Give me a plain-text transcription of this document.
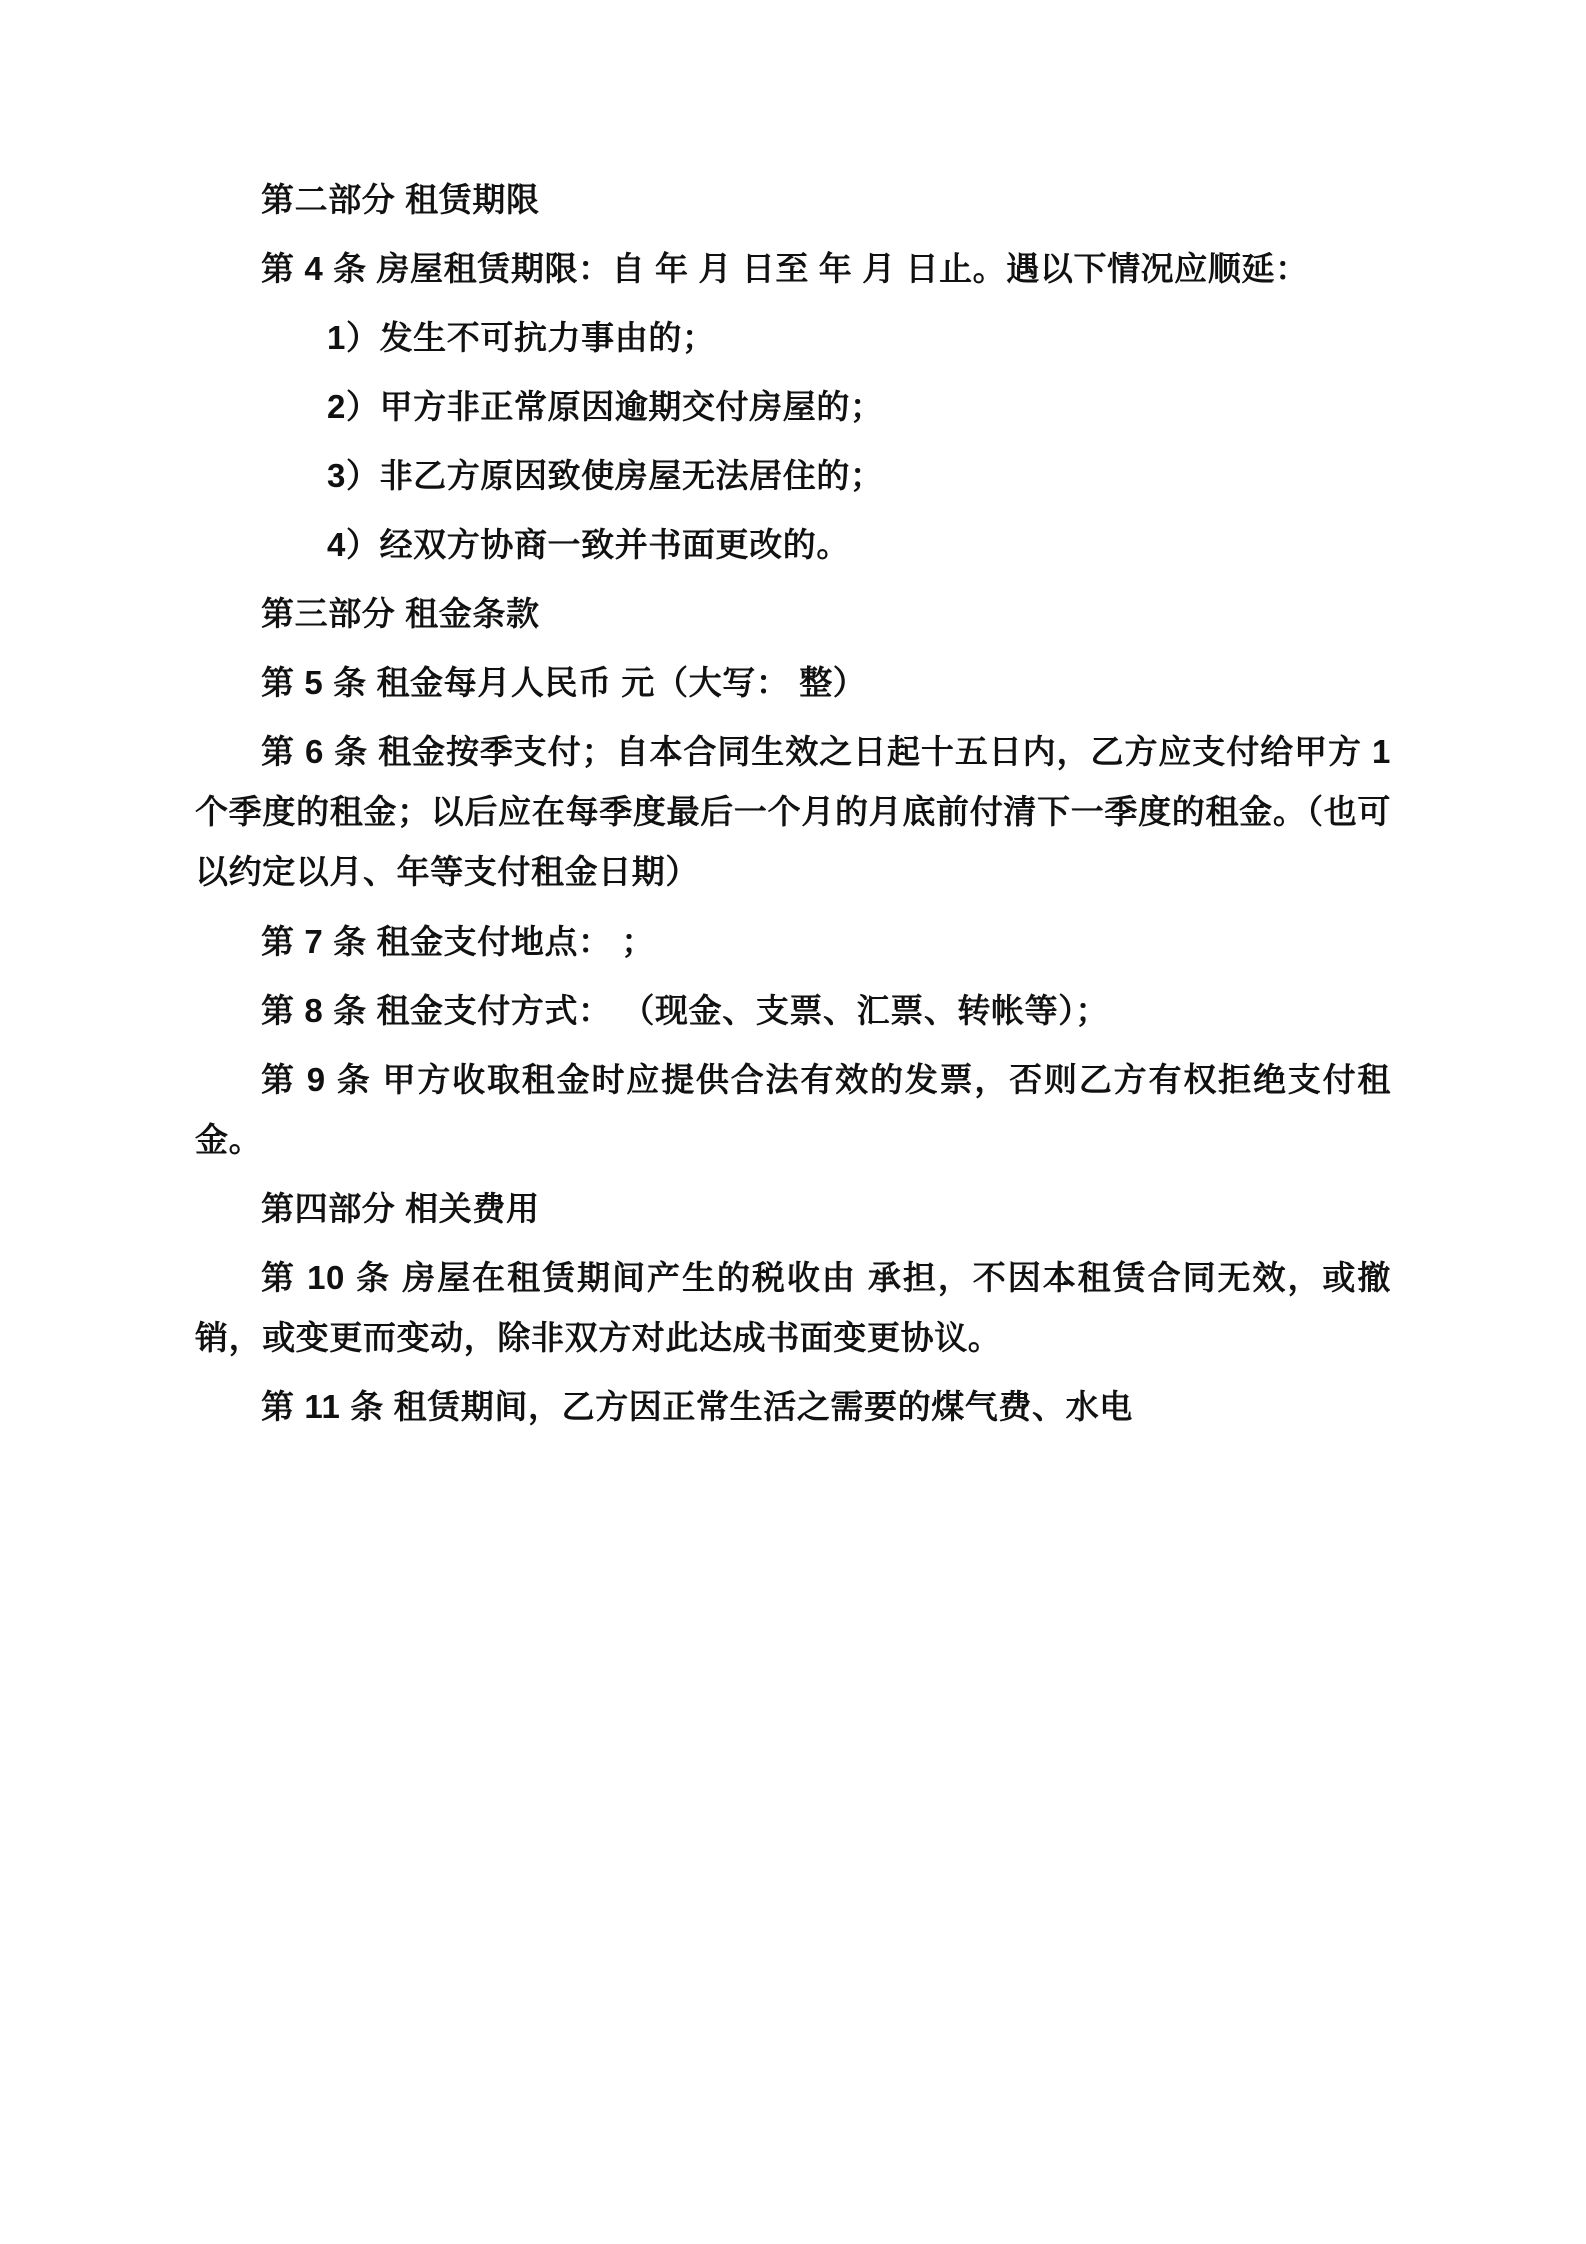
第二部分 租赁期限

第 4 条 房屋租赁期限：自 年 月 日至 年 月 日止。遇以下情况应顺延：

1）发生不可抗力事由的；

2）甲方非正常原因逾期交付房屋的；

3）非乙方原因致使房屋无法居住的；

4）经双方协商一致并书面更改的。

第三部分 租金条款

第 5 条 租金每月人民币 元（大写： 整）

第 6 条 租金按季支付；自本合同生效之日起十五日内，乙方应支付给甲方 1 个季度的租金；以后应在每季度最后一个月的月底前付清下一季度的租金。（也可以约定以月、年等支付租金日期）

第 7 条 租金支付地点： ；

第 8 条 租金支付方式： （现金、支票、汇票、转帐等）；

第 9 条 甲方收取租金时应提供合法有效的发票，否则乙方有权拒绝支付租金。

第四部分 相关费用

第 10 条 房屋在租赁期间产生的税收由 承担，不因本租赁合同无效，或撤销，或变更而变动，除非双方对此达成书面变更协议。

第 11 条 租赁期间，乙方因正常生活之需要的煤气费、水电
